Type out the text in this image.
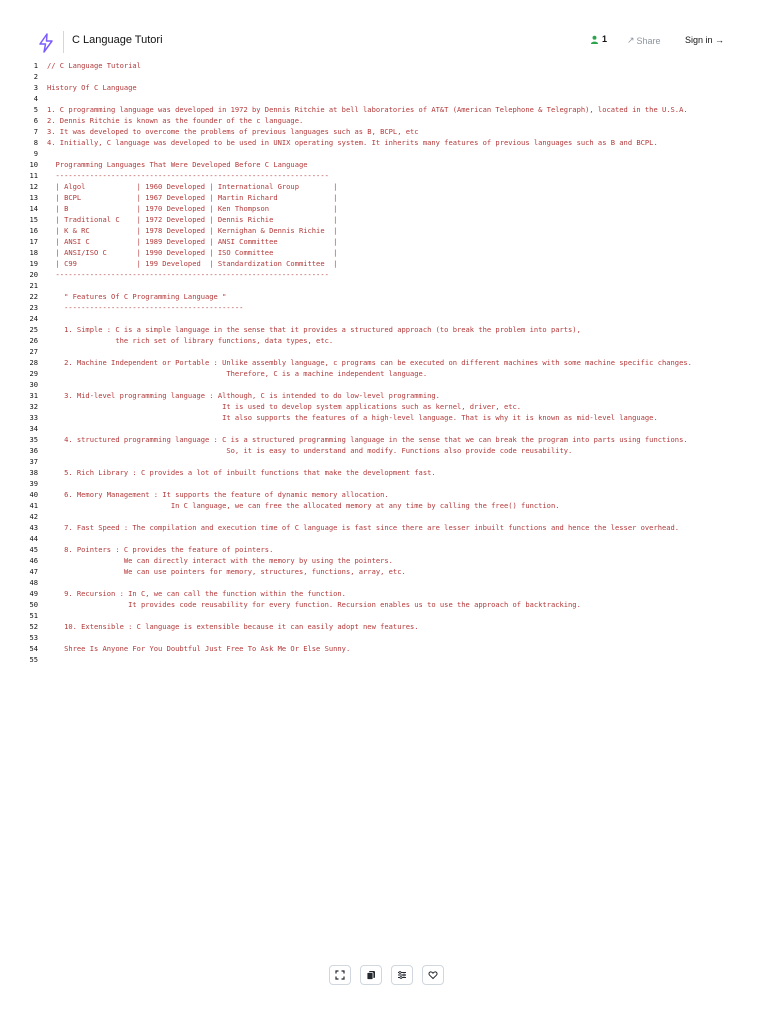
C Language Tutori	1 ↗ Share	Sign in →
1 // C Language Tutorial
2
3 History Of C Language
4
5 1. C programming language was developed in 1972 by Dennis Ritchie at bell laboratories of AT&T (American Telephone & Telegraph), located in the U.S.A.
6 2. Dennis Ritchie is known as the founder of the c language.
7 3. It was developed to overcome the problems of previous languages such as B, BCPL, etc
8 4. Initially, C language was developed to be used in UNIX operating system. It inherits many features of previous languages such as B and BCPL.
9
10 Programming Languages That Were Developed Before C Language
11 ----------------------------------------------------------------
12 | Algol            | 1960 Developed | International Group        |
13 | BCPL             | 1967 Developed | Martin Richard             |
14 | B                | 1970 Developed | Ken Thompson               |
15 | Traditional C    | 1972 Developed | Dennis Richie              |
16 | K & RC           | 1978 Developed | Kernighan & Dennis Richie  |
17 | ANSI C           | 1989 Developed | ANSI Committee             |
18 | ANSI/ISO C       | 1990 Developed | ISO Committee              |
19 | C99              | 199 Developed  | Standardization Committee  |
20 ----------------------------------------------------------------
21
22 " Features Of C Programming Language "
23 ------------------------------------------
24
25 1. Simple : C is a simple language in the sense that it provides a structured approach (to break the problem into parts),
26 the rich set of library functions, data types, etc.
27
28 2. Machine Independent or Portable : Unlike assembly language, c programs can be executed on different machines with some machine specific changes.
29 Therefore, C is a machine independent language.
30
31 3. Mid-level programming language : Although, C is intended to do low-level programming.
32 It is used to develop system applications such as kernel, driver, etc.
33 It also supports the features of a high-level language. That is why it is known as mid-level language.
34
35 4. structured programming language : C is a structured programming language in the sense that we can break the program into parts using functions.
36 So, it is easy to understand and modify. Functions also provide code reusability.
37
38 5. Rich Library : C provides a lot of inbuilt functions that make the development fast.
39
40 6. Memory Management : It supports the feature of dynamic memory allocation.
41 In C language, we can free the allocated memory at any time by calling the free() function.
42
43 7. Fast Speed : The compilation and execution time of C language is fast since there are lesser inbuilt functions and hence the lesser overhead.
44
45 8. Pointers : C provides the feature of pointers.
46 We can directly interact with the memory by using the pointers.
47 We can use pointers for memory, structures, functions, array, etc.
48
49 9. Recursion : In C, we can call the function within the function.
50 It provides code reusability for every function. Recursion enables us to use the approach of backtracking.
51
52 10. Extensible : C language is extensible because it can easily adopt new features.
53
54 Shree Is Anyone For You Doubtful Just Free To Ask Me Or Else Sunny.
55
